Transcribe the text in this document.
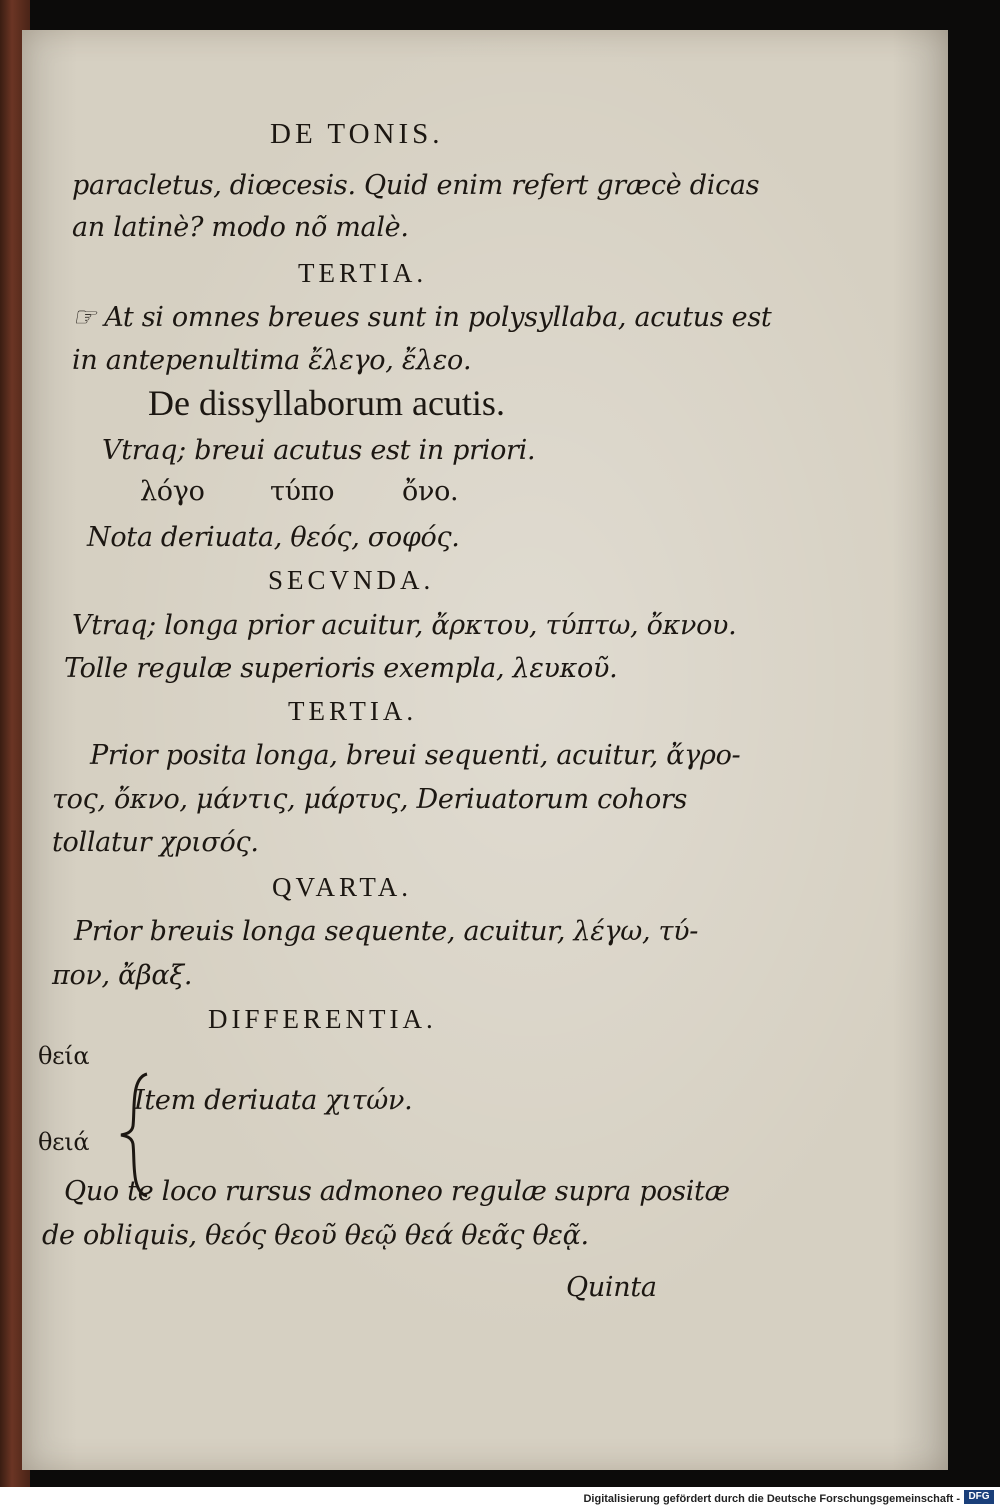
DE TONIS.
paracletus, diœcesis. Quid enim refert græcè dicas
an latinè? modo nõ malè.
TERTIA.
☞ At si omnes breues sunt in polysyllaba, acutus est
in antepenultima ἔλεγο, ἔλεο.
De dissyllaborum acutis.
Vtraq; breui acutus est in priori.
λόγο τύπο	ὄνο.
Nota deriuata, θεός, σοφός.
SECVNDA.
Vtraq; longa prior acuitur, ἄρκτου, τύπτω, ὄκνου.
Tolle regulæ superioris exempla, λευκοῦ.
TERTIA.
Prior posita longa, breui sequenti, acuitur, ἄγρο-
τος, ὄκνο, μάντις, μάρτυς, Deriuatorum cohors
tollatur χρισός.
QVARTA.
Prior breuis longa sequente, acuitur, λέγω, τύ-
πον, ἄβαξ.
DIFFERENTIA.
θεία
θειά
Item deriuata χιτών.
Quo te loco rursus admoneo regulæ supra positæ
de obliquis, θεός θεοῦ θεῷ θεά θεᾶς θεᾷ.
Quinta
Digitalisierung gefördert durch die Deutsche Forschungsgemeinschaft - DFG
